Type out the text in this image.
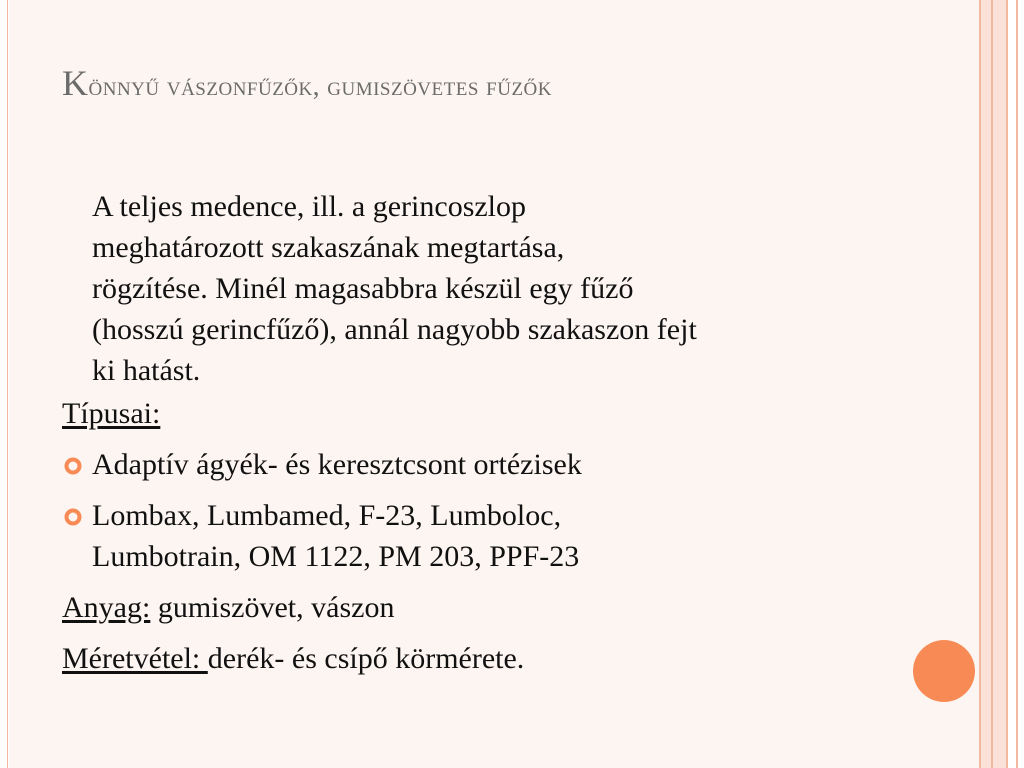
Könnyű vászonfűzők, gumiszövetes fűzők
A teljes medence, ill. a gerincoszlop
meghatározott szakaszának megtartása,
rögzítése. Minél magasabbra készül egy fűző
(hosszú gerincfűző), annál nagyobb szakaszon fejt
ki hatást.
Típusai:
Adaptív ágyék- és keresztcsont ortézisek
Lombax, Lumbamed, F-23, Lumboloc,
Lumbotrain, OM 1122, PM 203, PPF-23
Anyag: gumiszövet, vászon
Méretvétel: derék- és csípő körmérete.
